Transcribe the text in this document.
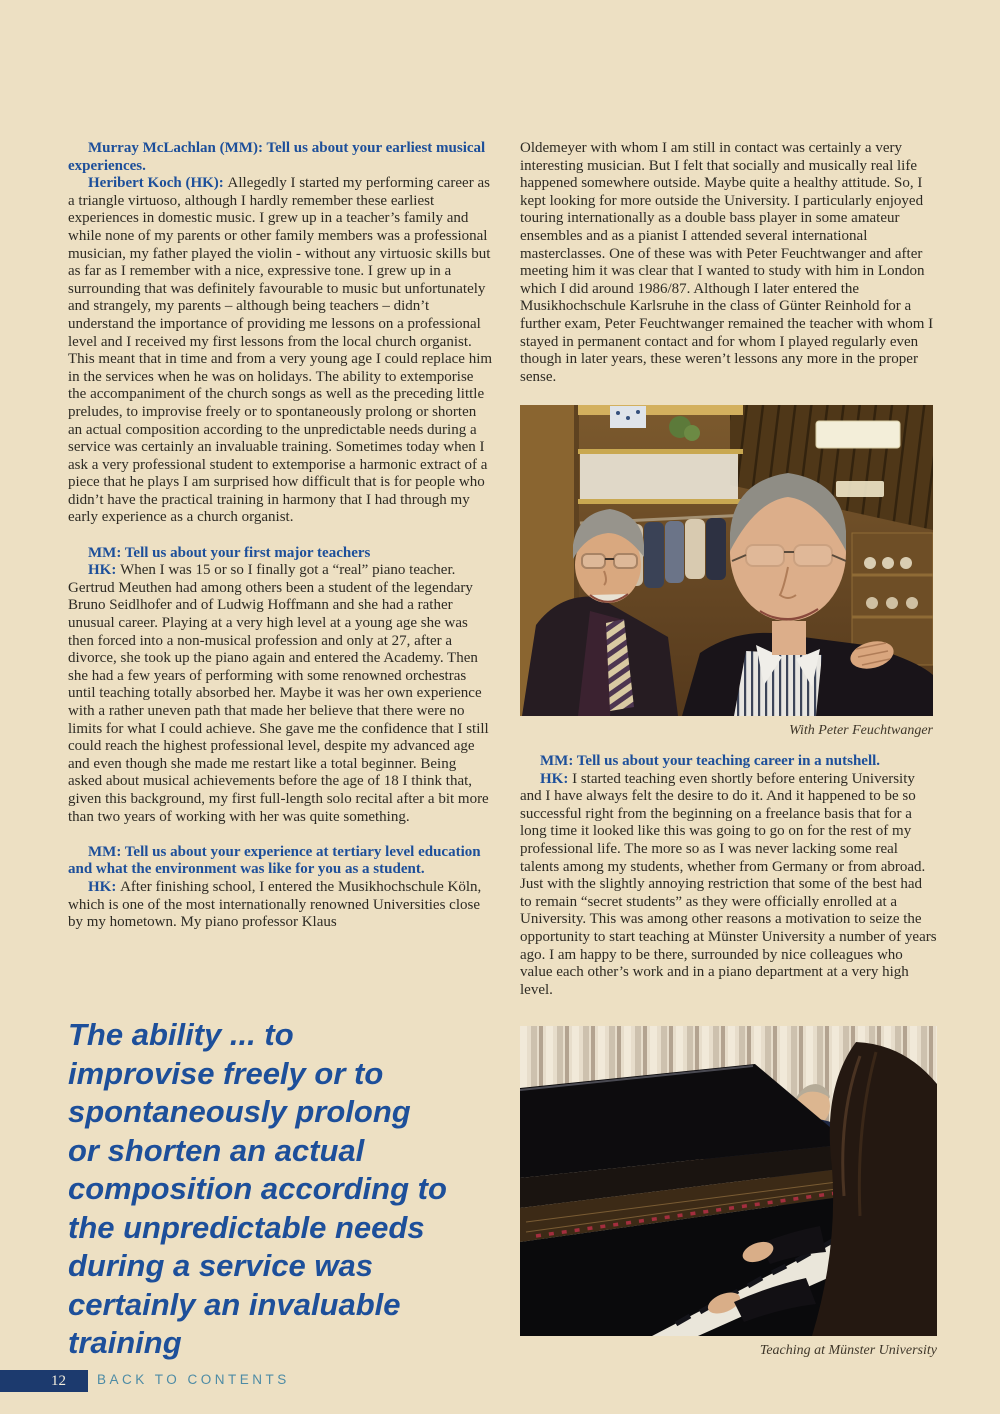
Murray McLachlan (MM): Tell us about your earliest musical experiences.

Heribert Koch (HK): Allegedly I started my performing career as a triangle virtuoso, although I hardly remember these earliest experiences in domestic music. I grew up in a teacher’s family and while none of my parents or other family members was a professional musician, my father played the violin - without any virtuosic skills but as far as I remember with a nice, expressive tone. I grew up in a surrounding that was definitely favourable to music but unfortunately and strangely, my parents – although being teachers – didn’t understand the importance of providing me lessons on a professional level and I received my first lessons from the local church organist. This meant that in time and from a very young age I could replace him in the services when he was on holidays. The ability to extemporise the accompaniment of the church songs as well as the preceding little preludes, to improvise freely or to spontaneously prolong or shorten an actual composition according to the unpredictable needs during a service was certainly an invaluable training. Sometimes today when I ask a very professional student to extemporise a harmonic extract of a piece that he plays I am surprised how difficult that is for people who didn’t have the practical training in harmony that I had through my early experience as a church organist.

MM: Tell us about your first major teachers

HK: When I was 15 or so I finally got a “real” piano teacher. Gertrud Meuthen had among others been a student of the legendary Bruno Seidlhofer and of Ludwig Hoffmann and she had a rather unusual career. Playing at a very high level at a young age she was then forced into a non-musical profession and only at 27, after a divorce, she took up the piano again and entered the Academy. Then she had a few years of performing with some renowned orchestras until teaching totally absorbed her. Maybe it was her own experience with a rather uneven path that made her believe that there were no limits for what I could achieve. She gave me the confidence that I still could reach the highest professional level, despite my advanced age and even though she made me restart like a total beginner. Being asked about musical achievements before the age of 18 I think that, given this background, my first full-length solo recital after a bit more than two years of working with her was quite something.

MM: Tell us about your experience at tertiary level education and what the environment was like for you as a student.

HK: After finishing school, I entered the Musikhochschule Köln, which is one of the most internationally renowned Universities close by my hometown. My piano professor Klaus

Oldemeyer with whom I am still in contact was certainly a very interesting musician. But I felt that socially and musically real life happened somewhere outside. Maybe quite a healthy attitude. So, I kept looking for more outside the University. I particularly enjoyed touring internationally as a double bass player in some amateur ensembles and as a pianist I attended several international masterclasses. One of these was with Peter Feuchtwanger and after meeting him it was clear that I wanted to study with him in London which I did around 1986/87. Although I later entered the Musikhochschule Karlsruhe in the class of Günter Reinhold for a further exam, Peter Feuchtwanger remained the teacher with whom I stayed in permanent contact and for whom I played regularly even though in later years, these weren’t lessons any more in the proper sense.

With Peter Feuchtwanger

MM: Tell us about your teaching career in a nutshell.

HK: I started teaching even shortly before entering University and I have always felt the desire to do it. And it happened to be so successful right from the beginning on a freelance basis that for a long time it looked like this was going to go on for the rest of my professional life. The more so as I was never lacking some real talents among my students, whether from Germany or from abroad. Just with the slightly annoying restriction that some of the best had to remain “secret students” as they were officially enrolled at a University. This was among other reasons a motivation to seize the opportunity to start teaching at Münster University a number of years ago. I am happy to be there, surrounded by nice colleagues who value each other’s work and in a piano department at a very high level.

Teaching at Münster University
The ability ... to
improvise freely or to
spontaneously prolong
or shorten an actual
composition according to
the unpredictable needs
during a service was
certainly an invaluable
training
12	BACK TO CONTENTS
